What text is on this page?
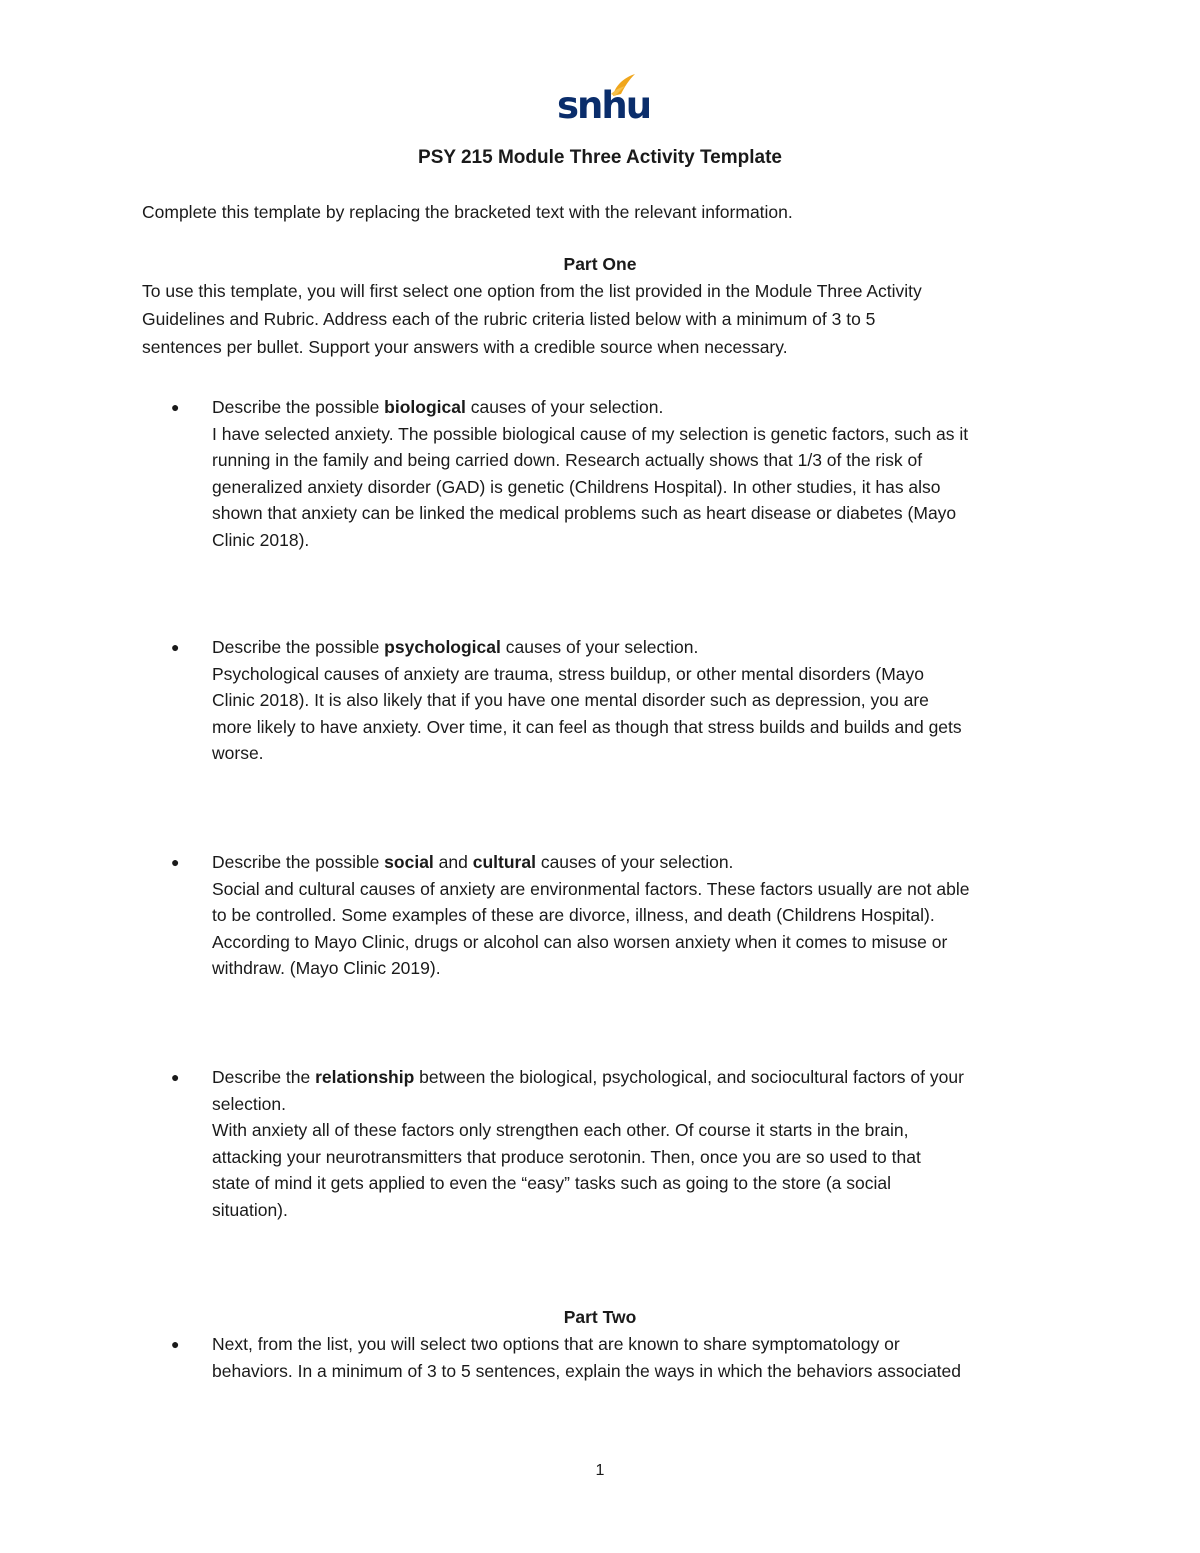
snhu
PSY 215 Module Three Activity Template
Complete this template by replacing the bracketed text with the relevant information.
Part One
To use this template, you will first select one option from the list provided in the Module Three Activity
Guidelines and Rubric. Address each of the rubric criteria listed below with a minimum of 3 to 5
sentences per bullet. Support your answers with a credible source when necessary.
● Describe the possible biological causes of your selection.
I have selected anxiety. The possible biological cause of my selection is genetic factors, such as it
running in the family and being carried down. Research actually shows that 1/3 of the risk of
generalized anxiety disorder (GAD) is genetic (Childrens Hospital). In other studies, it has also
shown that anxiety can be linked the medical problems such as heart disease or diabetes (Mayo
Clinic 2018).
● Describe the possible psychological causes of your selection.
Psychological causes of anxiety are trauma, stress buildup, or other mental disorders (Mayo
Clinic 2018). It is also likely that if you have one mental disorder such as depression, you are
more likely to have anxiety. Over time, it can feel as though that stress builds and builds and gets
worse.
● Describe the possible social and cultural causes of your selection.
Social and cultural causes of anxiety are environmental factors. These factors usually are not able
to be controlled. Some examples of these are divorce, illness, and death (Childrens Hospital).
According to Mayo Clinic, drugs or alcohol can also worsen anxiety when it comes to misuse or
withdraw. (Mayo Clinic 2019).
● Describe the relationship between the biological, psychological, and sociocultural factors of your
selection.
With anxiety all of these factors only strengthen each other. Of course it starts in the brain,
attacking your neurotransmitters that produce serotonin. Then, once you are so used to that
state of mind it gets applied to even the “easy” tasks such as going to the store (a social
situation).
Part Two
● Next, from the list, you will select two options that are known to share symptomatology or
behaviors. In a minimum of 3 to 5 sentences, explain the ways in which the behaviors associated
1
